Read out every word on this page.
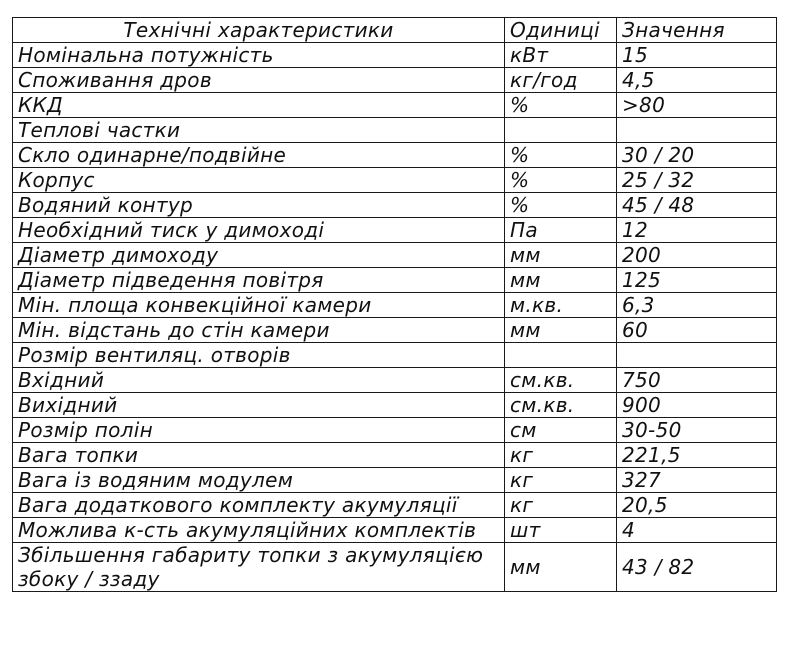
Технічні характеристики	Одиниці	Значення
Номінальна потужність	кВт	15
Споживання дров	кг/год	4,5
ККД	%	>80
Теплові частки		
Скло одинарне/подвійне	%	30 / 20
Корпус	%	25 / 32
Водяний контур	%	45 / 48
Необхідний тиск у димоході	Па	12
Діаметр димоходу	мм	200
Діаметр підведення повітря	мм	125
Мін. площа конвекційної камери	м.кв.	6,3
Мін. відстань до стін камери	мм	60
Розмір вентиляц. отворів		
Вхідний	см.кв.	750
Вихідний	см.кв.	900
Розмір полін	см	30-50
Вага топки	кг	221,5
Вага із водяним модулем	кг	327
Вага додаткового комплекту акумуляції	кг	20,5
Можлива к-сть акумуляційних комплектів	шт	4
Збільшення габариту топки з акумуляцією збоку / ззаду	мм	43 / 82
